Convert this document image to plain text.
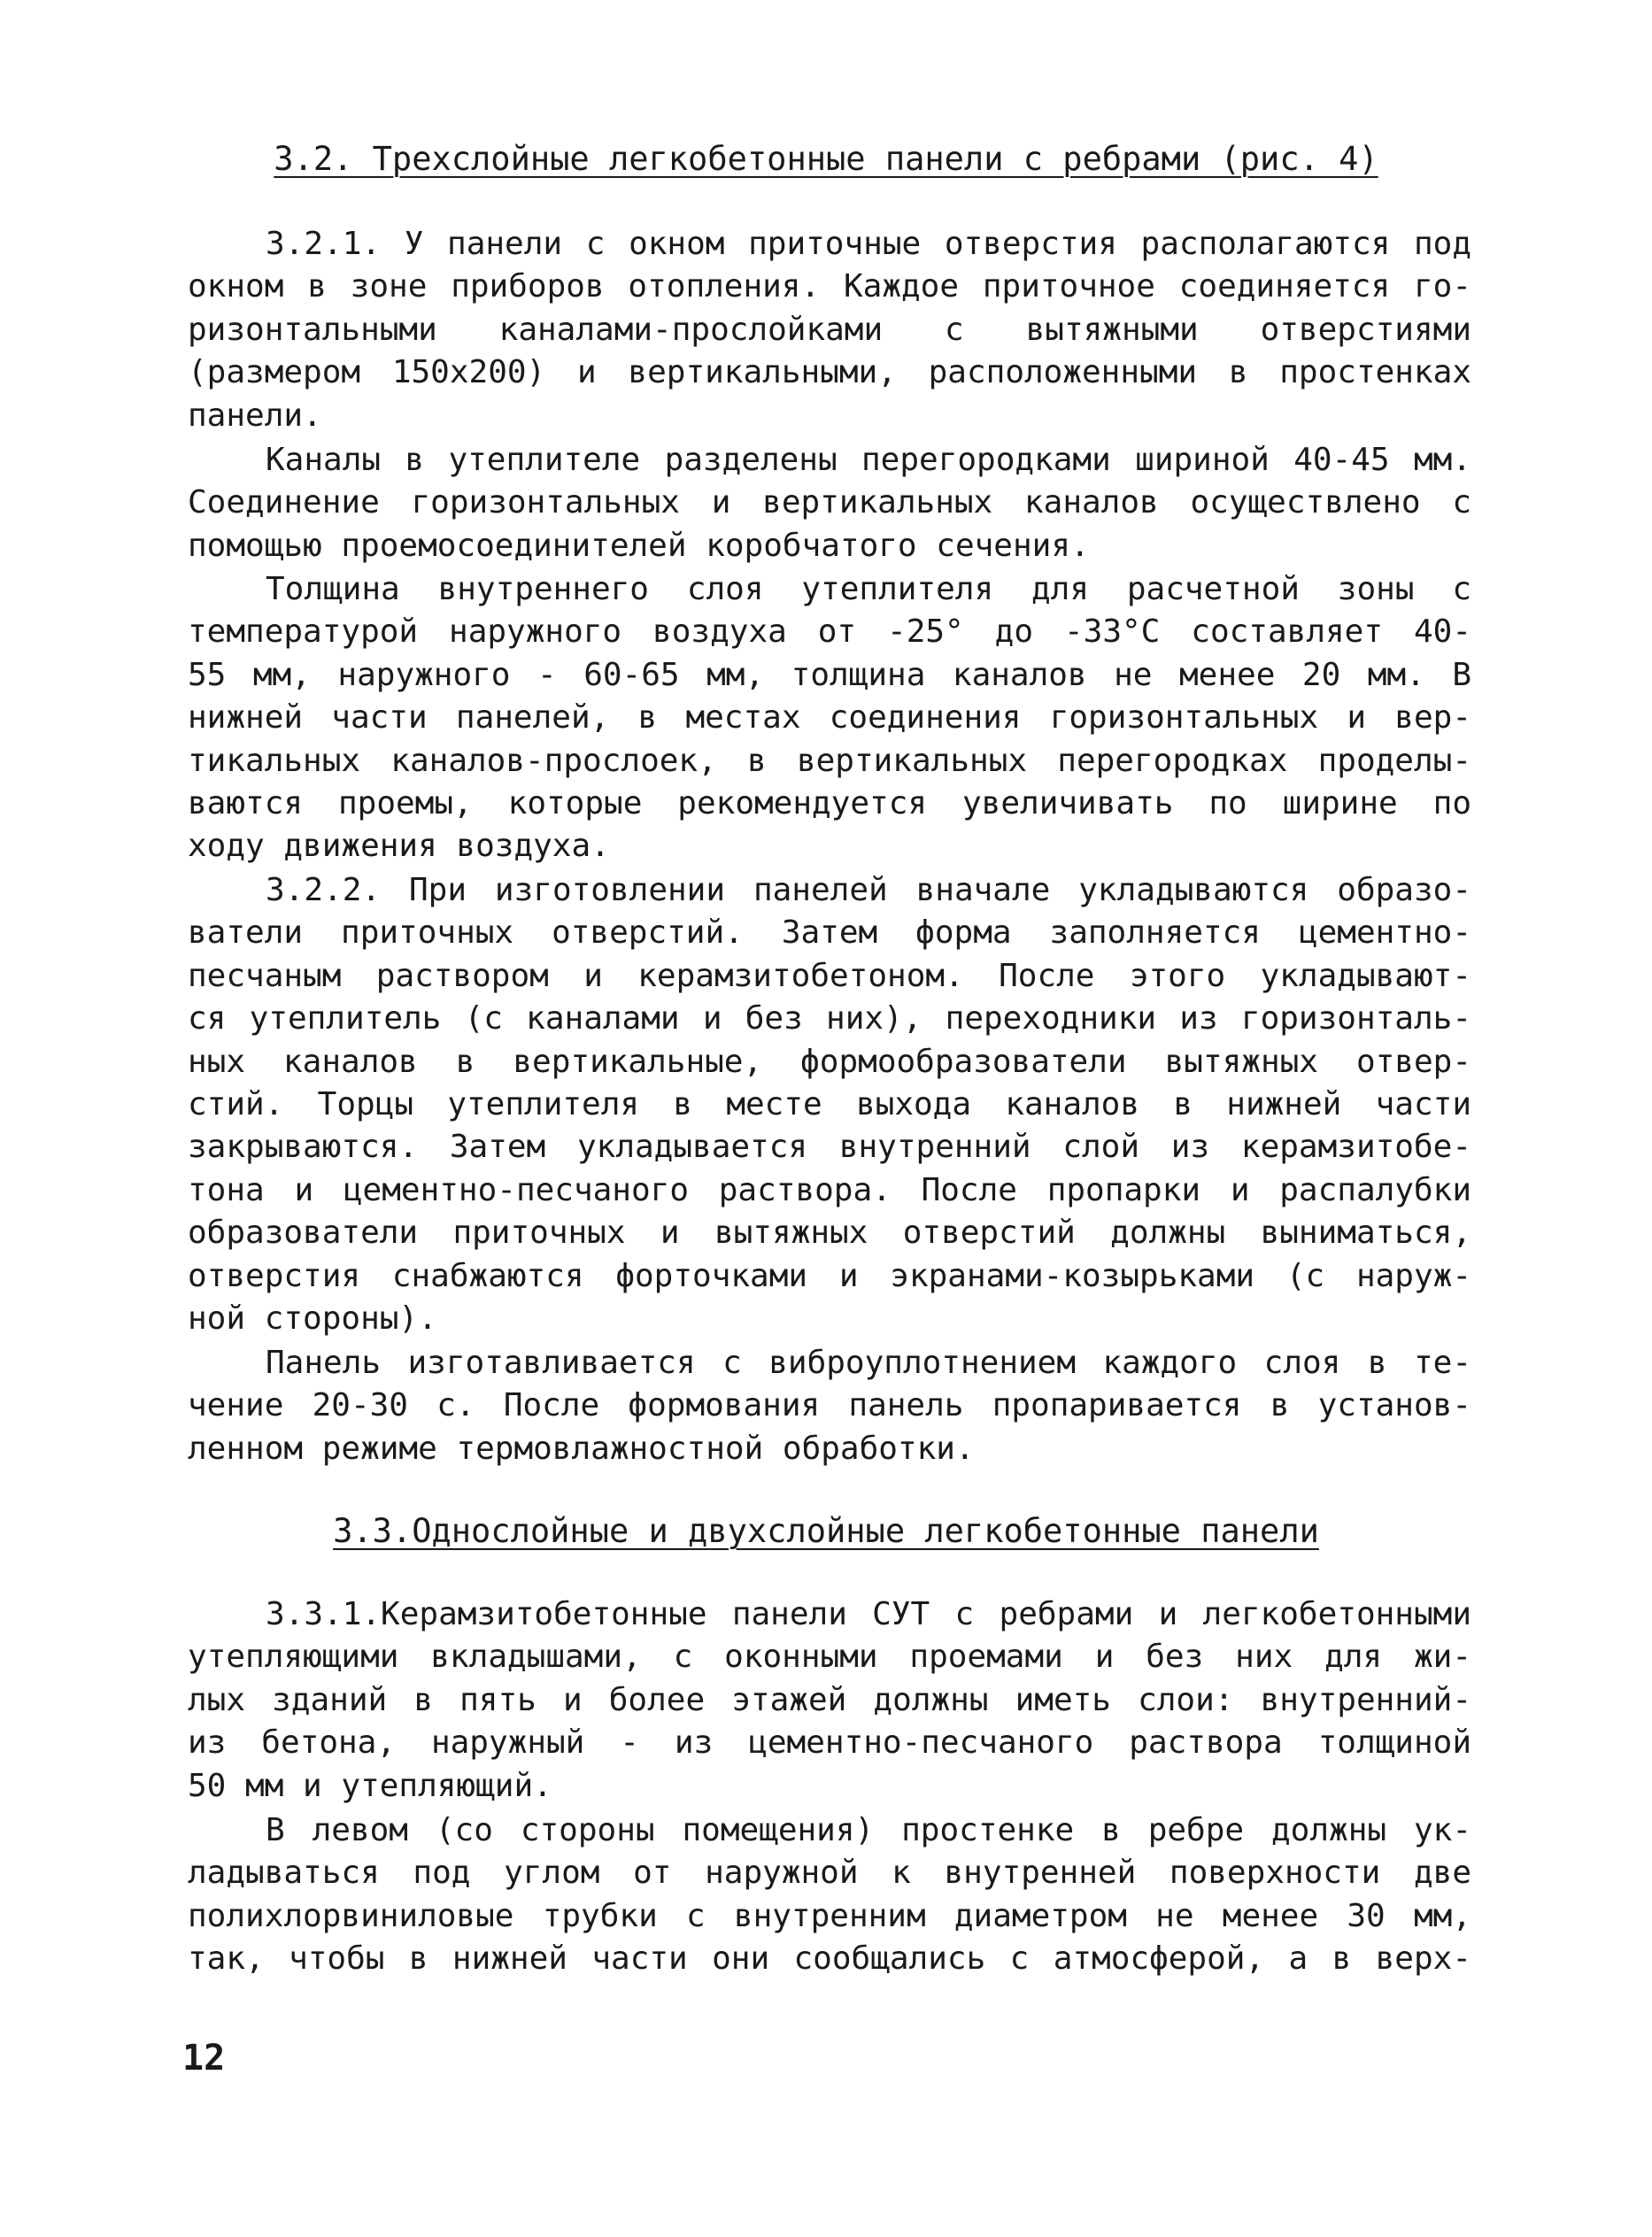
3.2. Трехслойные легкобетонные панели с ребрами (рис. 4)
3.2.1. У панели с окном приточные отверстия располагаются под
окном в зоне приборов отопления. Каждое приточное соединяется го-
ризонтальными каналами-прослойками с вытяжными отверстиями
(размером 150х200) и вертикальными, расположенными в простенках
панели.
Каналы в утеплителе разделены перегородками шириной 40-45 мм.
Соединение горизонтальных и вертикальных каналов осуществлено с
помощью проемосоединителей коробчатого сечения.
Толщина внутреннего слоя утеплителя для расчетной зоны с
температурой наружного воздуха от -25° до -33°С составляет 40-
55 мм, наружного - 60-65 мм, толщина каналов не менее 20 мм. В
нижней части панелей, в местах соединения горизонтальных и вер-
тикальных каналов-прослоек, в вертикальных перегородках проделы-
ваются проемы, которые рекомендуется увеличивать по ширине по
ходу движения воздуха.
3.2.2. При изготовлении панелей вначале укладываются образо-
ватели приточных отверстий. Затем форма заполняется цементно-
песчаным раствором и керамзитобетоном. После этого укладывают-
ся утеплитель (с каналами и без них), переходники из горизонталь-
ных каналов в вертикальные, формообразователи вытяжных отвер-
стий. Торцы утеплителя в месте выхода каналов в нижней части
закрываются. Затем укладывается внутренний слой из керамзитобе-
тона и цементно-песчаного раствора. После пропарки и распалубки
образователи приточных и вытяжных отверстий должны выниматься,
отверстия снабжаются форточками и экранами-козырьками (с наруж-
ной стороны).
Панель изготавливается с виброуплотнением каждого слоя в те-
чение 20-30 с. После формования панель пропаривается в установ-
ленном режиме термовлажностной обработки.
3.3.Однослойные и двухслойные легкобетонные панели
3.3.1.Керамзитобетонные панели СУТ с ребрами и легкобетонными
утепляющими вкладышами, с оконными проемами и без них для жи-
лых зданий в пять и более этажей должны иметь слои: внутренний-
из бетона, наружный - из цементно-песчаного раствора толщиной
50 мм и утепляющий.
В левом (со стороны помещения) простенке в ребре должны ук-
ладываться под углом от наружной к внутренней поверхности две
полихлорвиниловые трубки с внутренним диаметром не менее 30 мм,
так, чтобы в нижней части они сообщались с атмосферой, а в верх-
12
